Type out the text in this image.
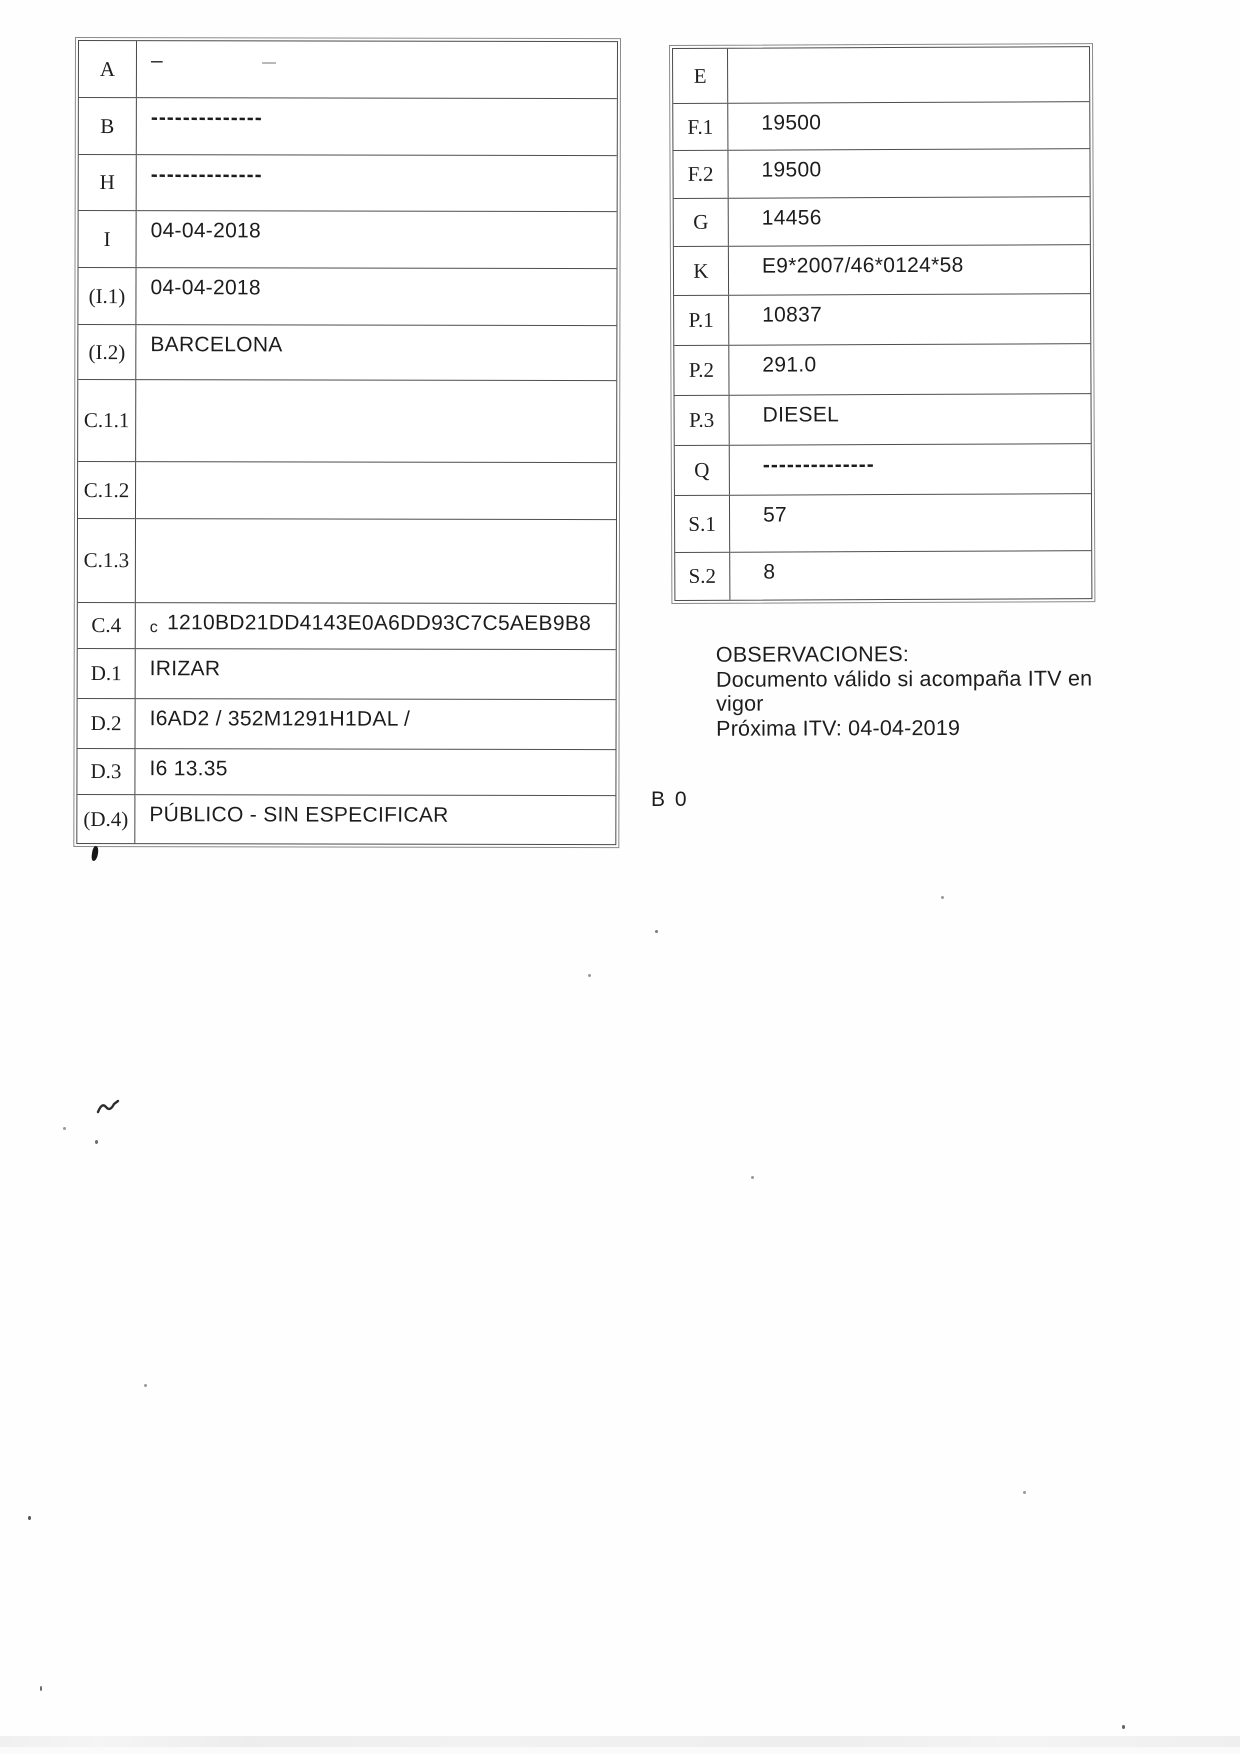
A	–
B	--------------
H	--------------
I	04-04-2018
(I.1)	04-04-2018
(I.2)	BARCELONA
C.1.1
C.1.2
C.1.3
C.4	c 1210BD21DD4143E0A6DD93C7C5AEB9B8
D.1	IRIZAR
D.2	I6AD2 / 352M1291H1DAL /
D.3	I6 13.35
(D.4)	PÚBLICO - SIN ESPECIFICAR
E
F.1	19500
F.2	19500
G	14456
K	E9*2007/46*0124*58
P.1	10837
P.2	291.0
P.3	DIESEL
Q	--------------
S.1	57
S.2	8
OBSERVACIONES:
Documento válido si acompaña ITV en vigor
Próxima ITV: 04-04-2019
B 0
